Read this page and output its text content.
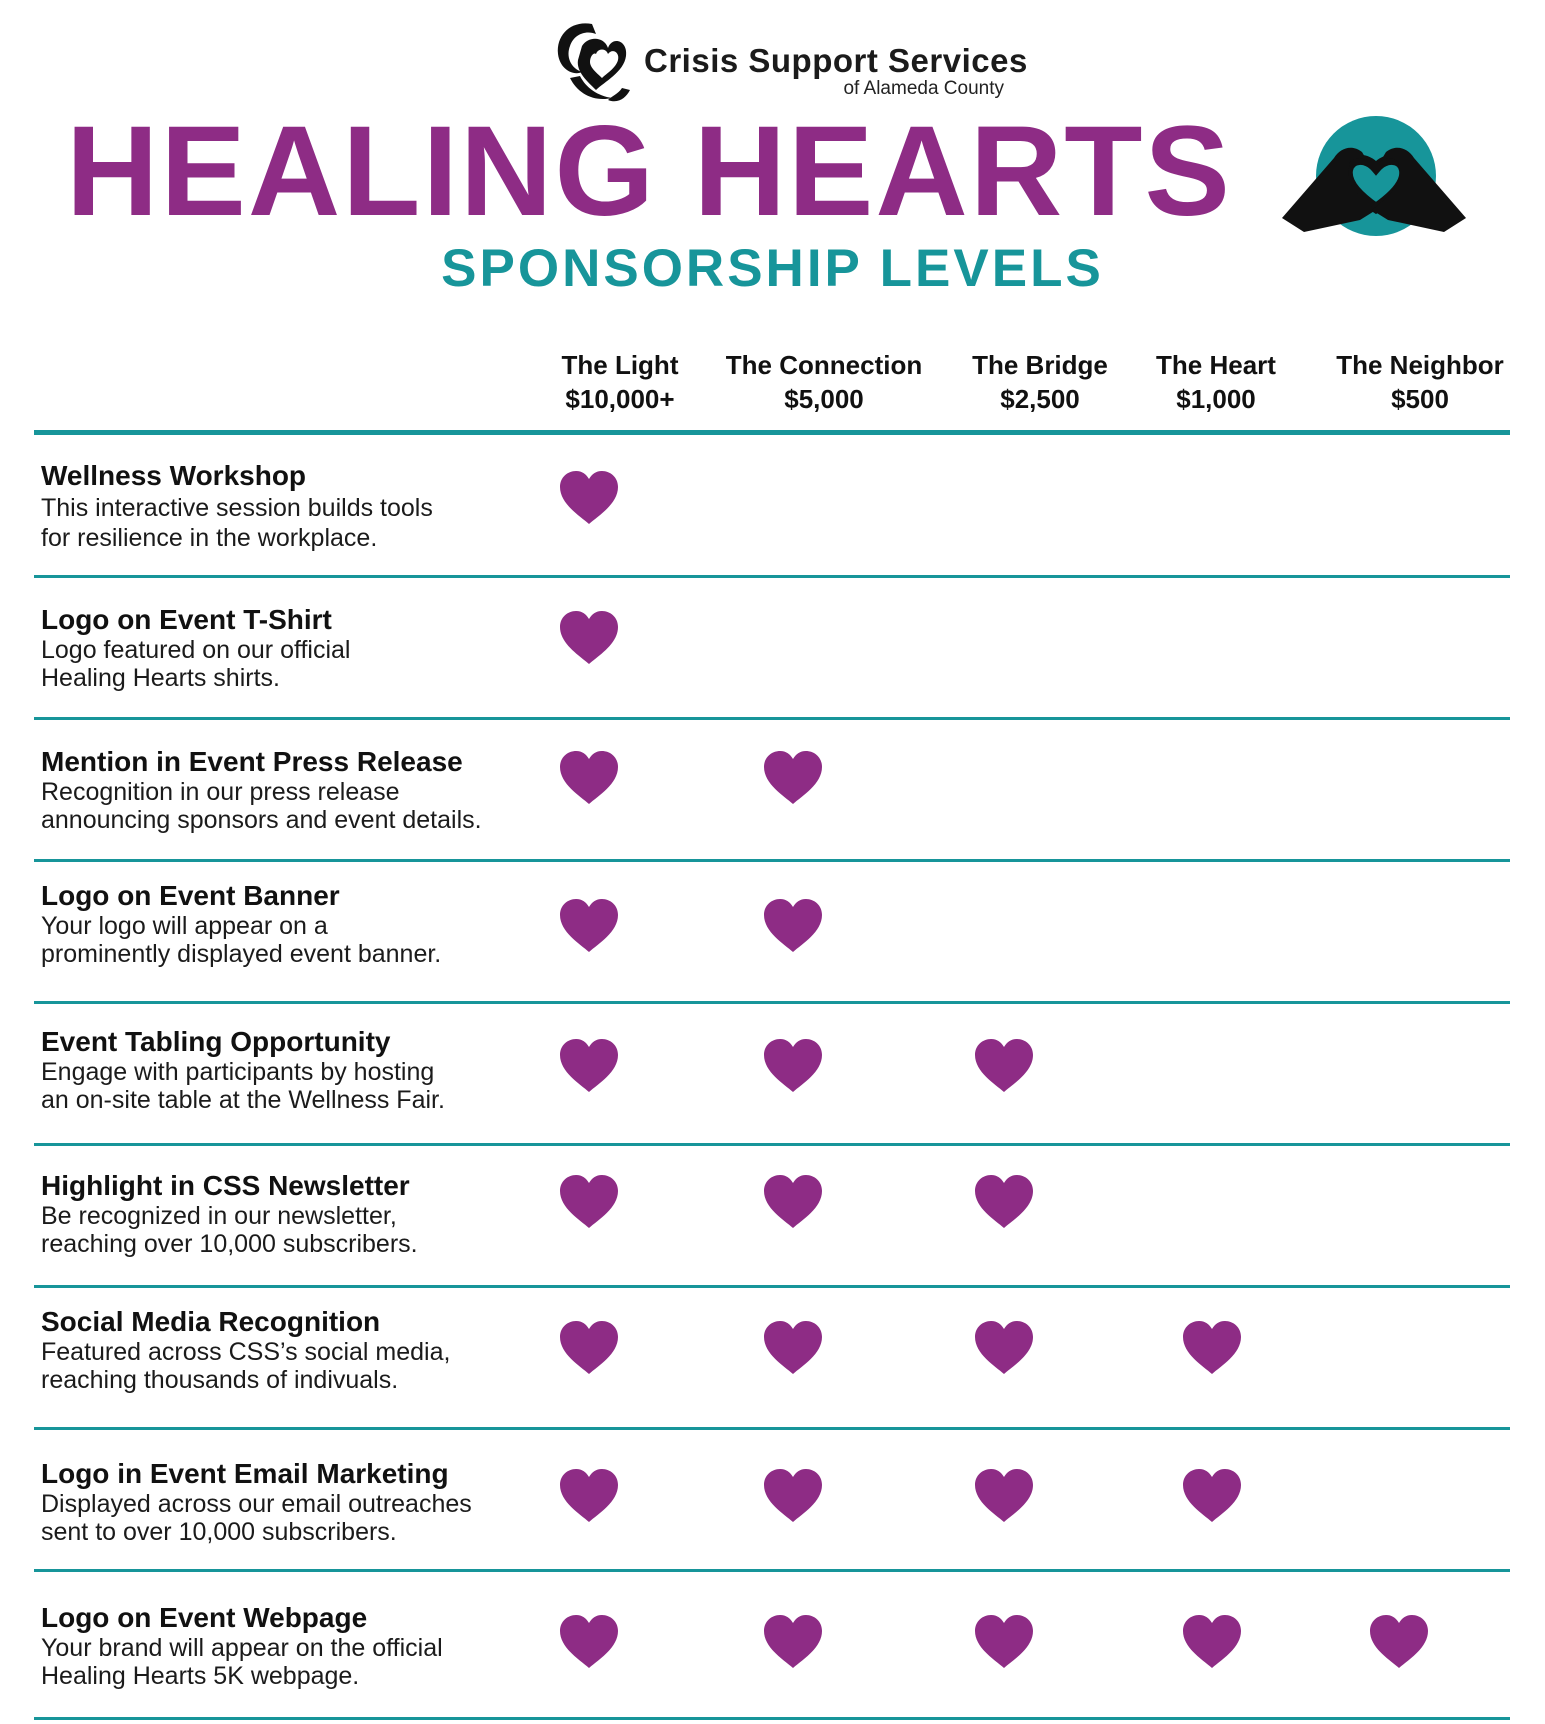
Crisis Support Services
of Alameda County
HEALING HEARTS
SPONSORSHIP LEVELS
The Light
$10,000+
The Connection
$5,000
The Bridge
$2,500
The Heart
$1,000
The Neighbor
$500
Wellness Workshop
This interactive session builds tools
for resilience in the workplace.
Logo on Event T-Shirt
Logo featured on our official
Healing Hearts shirts.
Mention in Event Press Release
Recognition in our press release
announcing sponsors and event details.
Logo on Event Banner
Your logo will appear on a
prominently displayed event banner.
Event Tabling Opportunity
Engage with participants by hosting
an on-site table at the Wellness Fair.
Highlight in CSS Newsletter
Be recognized in our newsletter,
reaching over 10,000 subscribers.
Social Media Recognition
Featured across CSS’s social media,
reaching thousands of indivuals.
Logo in Event Email Marketing
Displayed across our email outreaches
sent to over 10,000 subscribers.
Logo on Event Webpage
Your brand will appear on the official
Healing Hearts 5K webpage.
